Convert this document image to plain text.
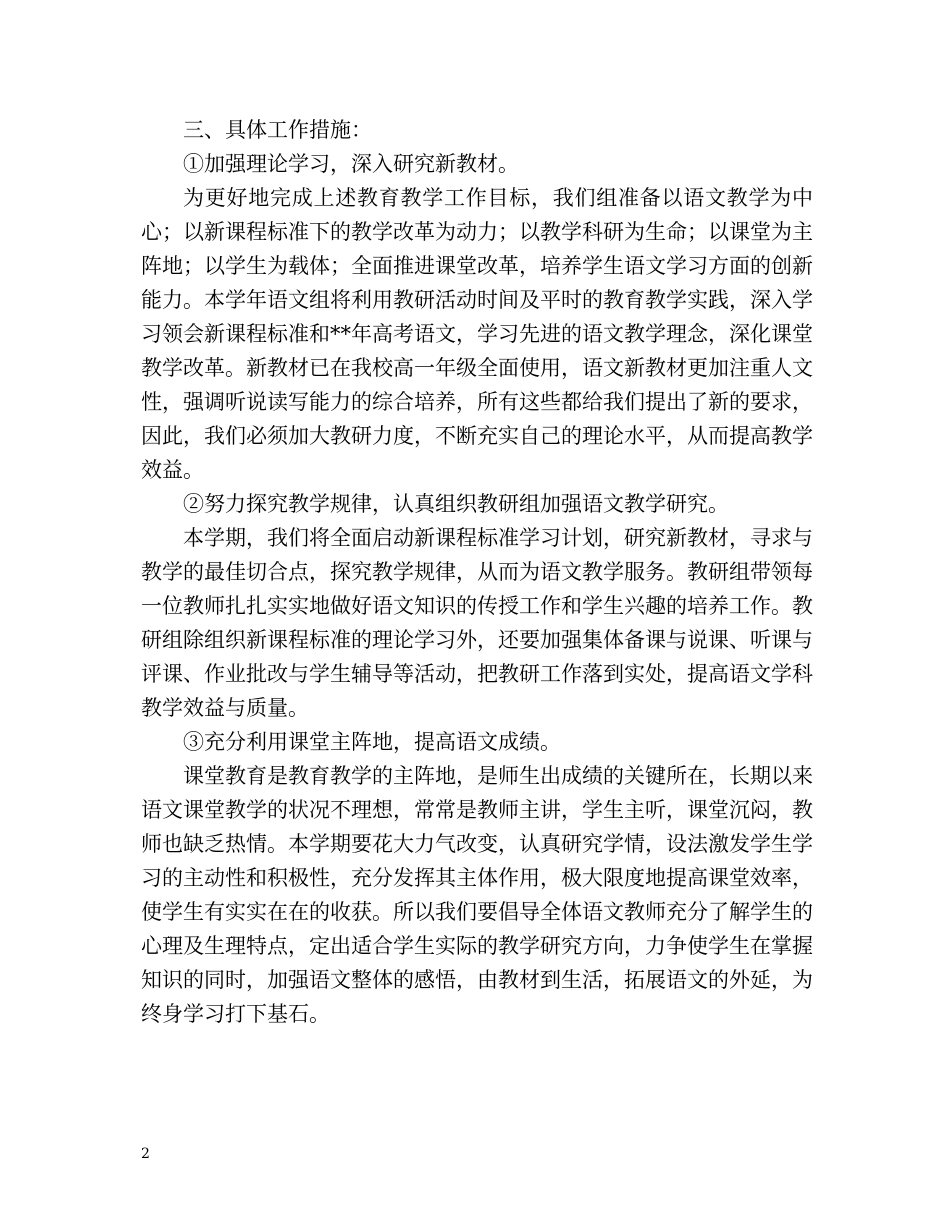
三、具体工作措施：

①加强理论学习，深入研究新教材。

为更好地完成上述教育教学工作目标，我们组准备以语文教学为中心；以新课程标准下的教学改革为动力；以教学科研为生命；以课堂为主阵地；以学生为载体；全面推进课堂改革，培养学生语文学习方面的创新能力。本学年语文组将利用教研活动时间及平时的教育教学实践，深入学习领会新课程标准和**年高考语文，学习先进的语文教学理念，深化课堂教学改革。新教材已在我校高一年级全面使用，语文新教材更加注重人文性，强调听说读写能力的综合培养，所有这些都给我们提出了新的要求，因此，我们必须加大教研力度，不断充实自己的理论水平，从而提高教学效益。

②努力探究教学规律，认真组织教研组加强语文教学研究。

本学期，我们将全面启动新课程标准学习计划，研究新教材，寻求与教学的最佳切合点，探究教学规律，从而为语文教学服务。教研组带领每一位教师扎扎实实地做好语文知识的传授工作和学生兴趣的培养工作。教研组除组织新课程标准的理论学习外，还要加强集体备课与说课、听课与评课、作业批改与学生辅导等活动，把教研工作落到实处，提高语文学科教学效益与质量。

③充分利用课堂主阵地，提高语文成绩。

课堂教育是教育教学的主阵地，是师生出成绩的关键所在，长期以来语文课堂教学的状况不理想，常常是教师主讲，学生主听，课堂沉闷，教师也缺乏热情。本学期要花大力气改变，认真研究学情，设法激发学生学习的主动性和积极性，充分发挥其主体作用，极大限度地提高课堂效率，使学生有实实在在的收获。所以我们要倡导全体语文教师充分了解学生的心理及生理特点，定出适合学生实际的教学研究方向，力争使学生在掌握知识的同时，加强语文整体的感悟，由教材到生活，拓展语文的外延，为终身学习打下基石。

2
